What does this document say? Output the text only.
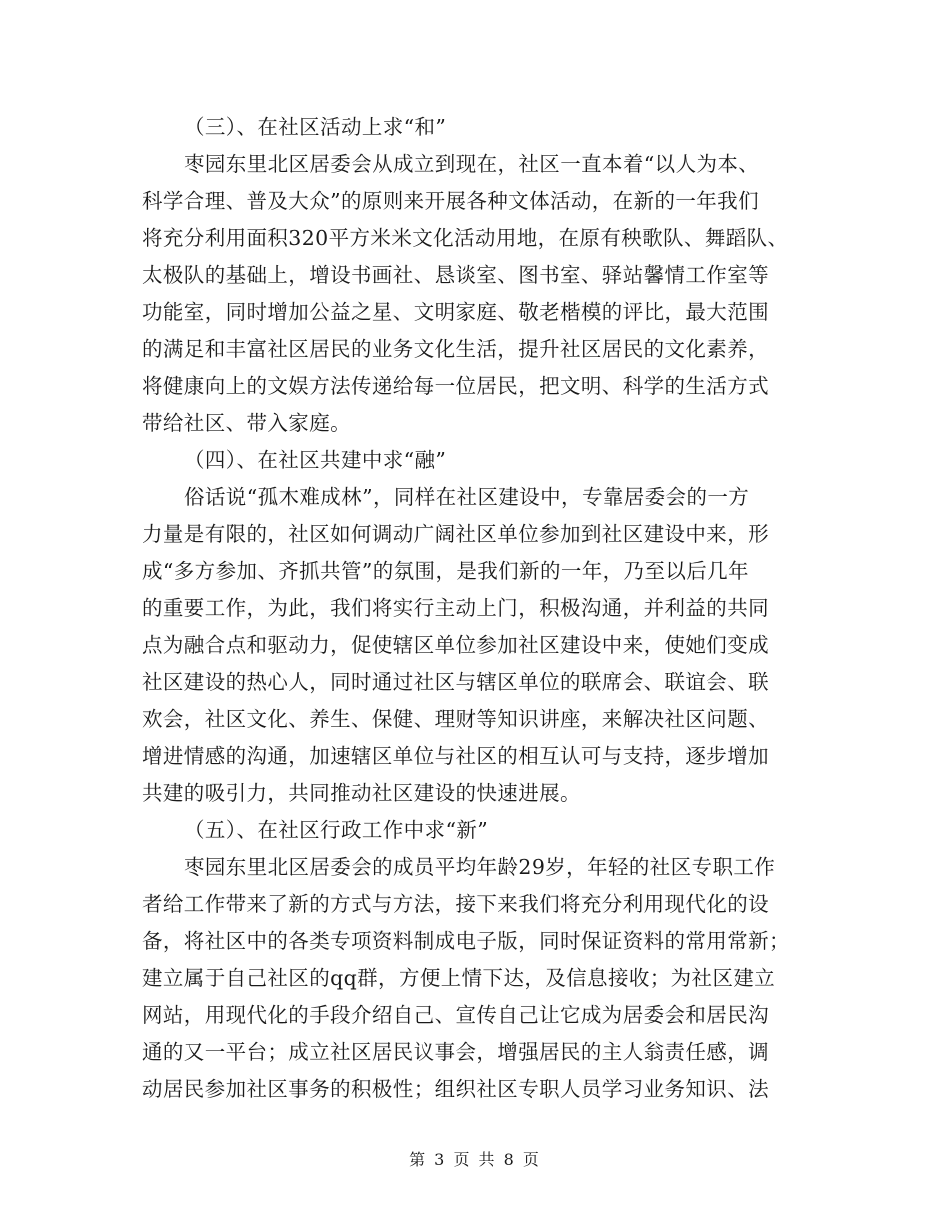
（三）、在社区活动上求“和”
枣园东里北区居委会从成立到现在，社区一直本着“以人为本、
科学合理、普及大众”的原则来开展各种文体活动，在新的一年我们
将充分利用面积320平方米米文化活动用地，在原有秧歌队、舞蹈队、
太极队的基础上，增设书画社、恳谈室、图书室、驿站馨情工作室等
功能室，同时增加公益之星、文明家庭、敬老楷模的评比，最大范围
的满足和丰富社区居民的业务文化生活，提升社区居民的文化素养，
将健康向上的文娱方法传递给每一位居民，把文明、科学的生活方式
带给社区、带入家庭。
（四）、在社区共建中求“融”
俗话说“孤木难成林”，同样在社区建设中，专靠居委会的一方
力量是有限的，社区如何调动广阔社区单位参加到社区建设中来，形
成“多方参加、齐抓共管”的氛围，是我们新的一年，乃至以后几年
的重要工作，为此，我们将实行主动上门，积极沟通，并利益的共同
点为融合点和驱动力，促使辖区单位参加社区建设中来，使她们变成
社区建设的热心人，同时通过社区与辖区单位的联席会、联谊会、联
欢会，社区文化、养生、保健、理财等知识讲座，来解决社区问题、
增进情感的沟通，加速辖区单位与社区的相互认可与支持，逐步增加
共建的吸引力，共同推动社区建设的快速进展。
（五）、在社区行政工作中求“新”
枣园东里北区居委会的成员平均年龄29岁，年轻的社区专职工作
者给工作带来了新的方式与方法，接下来我们将充分利用现代化的设
备，将社区中的各类专项资料制成电子版，同时保证资料的常用常新；
建立属于自己社区的qq群，方便上情下达，及信息接收；为社区建立
网站，用现代化的手段介绍自己、宣传自己让它成为居委会和居民沟
通的又一平台；成立社区居民议事会，增强居民的主人翁责任感，调
动居民参加社区事务的积极性；组织社区专职人员学习业务知识、法
第 3 页 共 8 页
